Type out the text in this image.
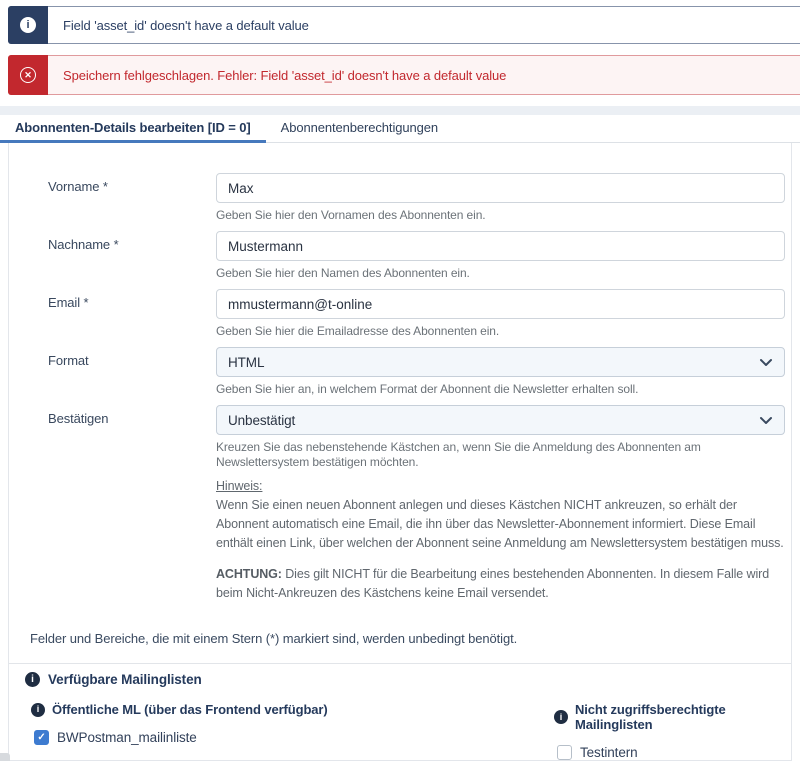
i	Field 'asset_id' doesn't have a default value
✕	Speichern fehlgeschlagen. Fehler: Field 'asset_id' doesn't have a default value
Abonnenten-Details bearbeiten [ID = 0]	Abonnentenberechtigungen
Vorname *
Max
Geben Sie hier den Vornamen des Abonnenten ein.
Nachname *
Mustermann
Geben Sie hier den Namen des Abonnenten ein.
Email *
mmustermann@t-online
Geben Sie hier die Emailadresse des Abonnenten ein.
Format	HTML
Geben Sie hier an, in welchem Format der Abonnent die Newsletter erhalten soll.
Bestätigen	Unbestätigt
Kreuzen Sie das nebenstehende Kästchen an, wenn Sie die Anmeldung des Abonnenten am Newslettersystem bestätigen möchten.
Hinweis:
Wenn Sie einen neuen Abonnent anlegen und dieses Kästchen NICHT ankreuzen, so erhält der Abonnent automatisch eine Email, die ihn über das Newsletter-Abonnement informiert. Diese Email enthält einen Link, über welchen der Abonnent seine Anmeldung am Newslettersystem bestätigen muss.
ACHTUNG: Dies gilt NICHT für die Bearbeitung eines bestehenden Abonnenten. In diesem Falle wird beim Nicht-Ankreuzen des Kästchens keine Email versendet.
Felder und Bereiche, die mit einem Stern (*) markiert sind, werden unbedingt benötigt.
i	Verfügbare Mailinglisten
i Öffentliche ML (über das Frontend verfügbar)
✓ BWPostman_mailinliste
i Nicht zugriffsberechtigte Mailinglisten
Testintern
